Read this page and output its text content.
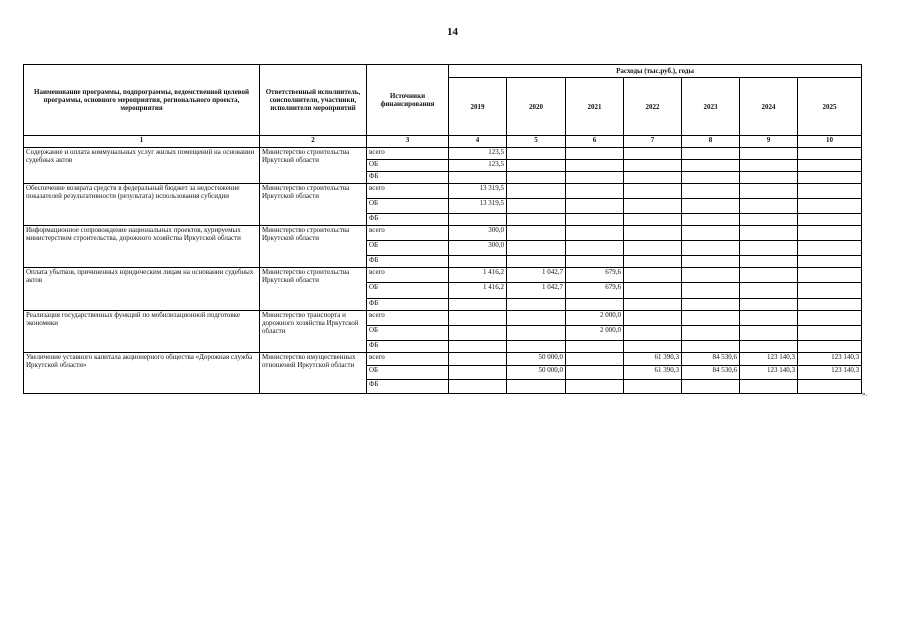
14
Наименование программы, подпрограммы, ведомственной целевой программы, основного мероприятия, регионального проекта, мероприятия	Ответственный исполнитель, соисполнители, участники, исполнители мероприятий	Источники финансирования	Расходы (тыс.руб.), годы						
			2019	2020	2021	2022	2023	2024	2025
1	2	3	4	5	6	7	8	9	10
Содержание и оплата коммунальных услуг жилых помещений на основании судебных актов	Министерство строительства Иркутской области	всего	123,5						
		ОБ	123,5						
		ФБ							
Обеспечение возврата средств в федеральный бюджет за недостижение показателей результативности (результата) использования субсидии	Министерство строительства Иркутской области	всего	13 319,5						
		ОБ	13 319,5						
		ФБ							
Информационное сопровождение национальных проектов, курируемых министерством строительства, дорожного хозяйства Иркутской области	Министерство строительства Иркутской области	всего	300,0						
		ОБ	300,0						
		ФБ							
Оплата убытков, причиненных юридическим лицам на основании судебных актов	Министерство строительства Иркутской области	всего	1 416,2	1 042,7	679,6				
		ОБ	1 416,2	1 042,7	679,6				
		ФБ							
Реализация государственных функций по мобилизационной подготовке экономики	Министерство транспорта и дорожного хозяйства Иркутской области	всего			2 000,0				
		ОБ			2 000,0				
		ФБ							
Увеличение уставного капитала акционерного общества «Дорожная служба Иркутской области»	Министерство имущественных отношений Иркутской области	всего		50 000,0		61 390,3	84 530,6	123 140,3	123 140,3
		ОБ		50 000,0		61 390,3	84 530,6	123 140,3	123 140,3
		ФБ							
».
